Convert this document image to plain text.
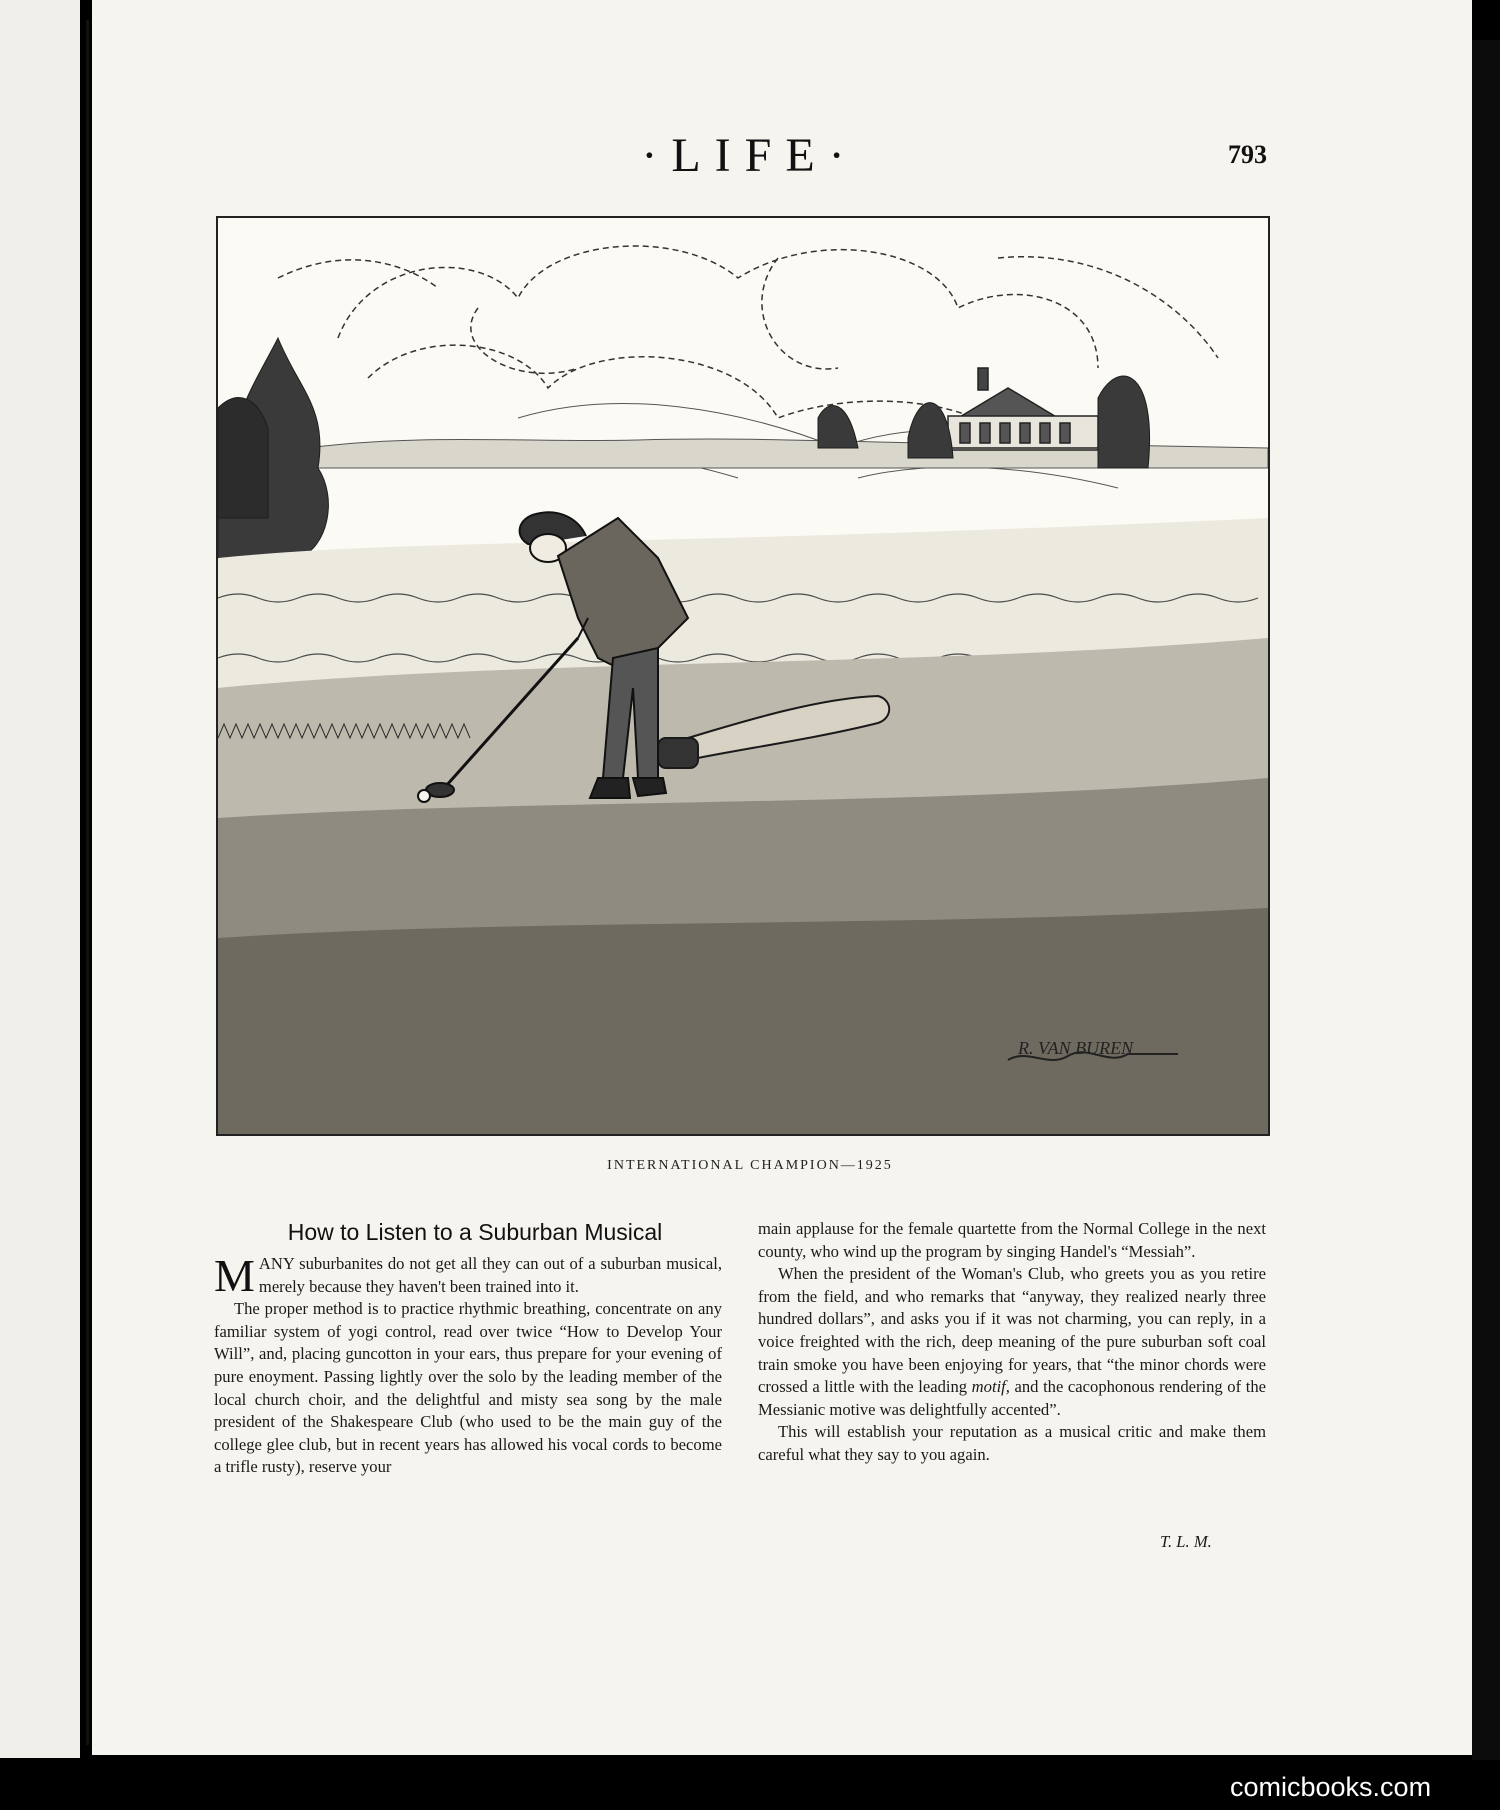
·LIFE·	793
R. VAN BUREN
INTERNATIONAL CHAMPION—1925
How to Listen to a Suburban Musical

MANY suburbanites do not get all they can out of a suburban musical, merely because they haven't been trained into it.

The proper method is to practice rhythmic breathing, concentrate on any familiar system of yogi control, read over twice “How to Develop Your Will”, and, placing guncotton in your ears, thus prepare for your evening of pure enoyment. Passing lightly over the solo by the leading member of the local church choir, and the delightful and misty sea song by the male president of the Shakespeare Club (who used to be the main guy of the college glee club, but in recent years has allowed his vocal cords to become a trifle rusty), reserve your

main applause for the female quartette from the Normal College in the next county, who wind up the program by singing Handel's “Messiah”.

When the president of the Woman's Club, who greets you as you retire from the field, and who remarks that “anyway, they realized nearly three hundred dollars”, and asks you if it was not charming, you can reply, in a voice freighted with the rich, deep meaning of the pure suburban soft coal train smoke you have been enjoying for years, that “the minor chords were crossed a little with the leading motif, and the cacophonous rendering of the Messianic motive was delightfully accented”.

This will establish your reputation as a musical critic and make them careful what they say to you again.

T. L. M.
comicbooks.com
